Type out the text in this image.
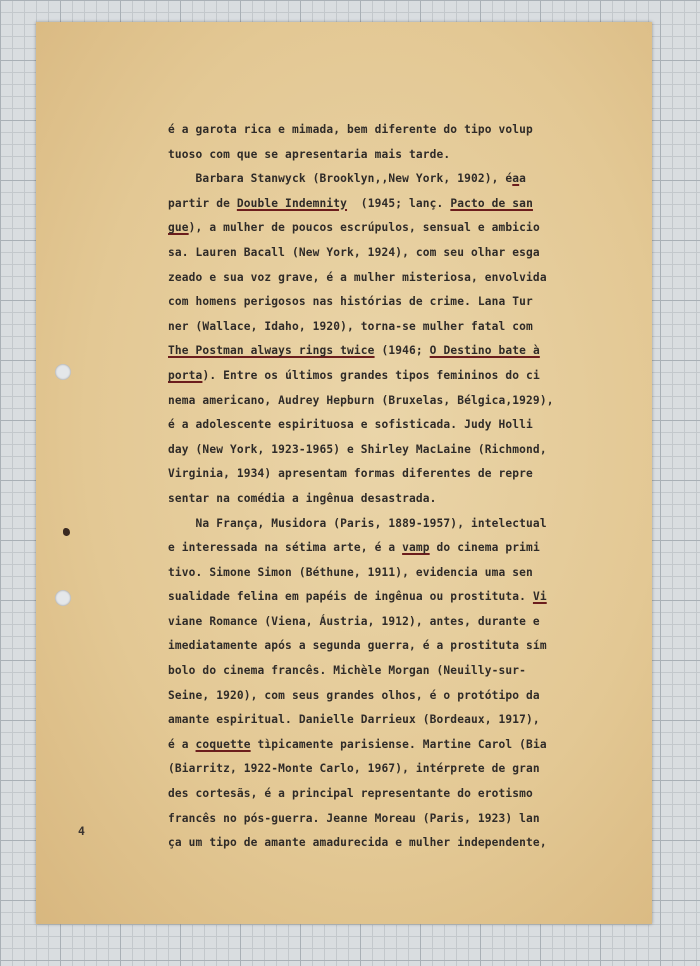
é a garota rica e mimada, bem diferente do tipo volup
tuoso com que se apresentaria mais tarde.
Barbara Stanwyck (Brooklyn,,New York, 1902), éaa
partir de Double Indemnity  (1945; lanç. Pacto de san
gue), a mulher de poucos escrúpulos, sensual e ambicio
sa. Lauren Bacall (New York, 1924), com seu olhar esga
zeado e sua voz grave, é a mulher misteriosa, envolvida
com homens perigosos nas histórias de crime. Lana Tur
ner (Wallace, Idaho, 1920), torna-se mulher fatal com
The Postman always rings twice (1946; O Destino bate à
porta). Entre os últimos grandes tipos femininos do ci
nema americano, Audrey Hepburn (Bruxelas, Bélgica,1929),
é a adolescente espirituosa e sofisticada. Judy Holli
day (New York, 1923-1965) e Shirley MacLaine (Richmond,
Virginia, 1934) apresentam formas diferentes de repre
sentar na comédia a ingênua desastrada.
Na França, Musidora (Paris, 1889-1957), intelectual
e interessada na sétima arte, é a vamp do cinema primi
tivo. Simone Simon (Béthune, 1911), evidencia uma sen
sualidade felina em papéis de ingênua ou prostituta. Vi
viane Romance (Viena, Áustria, 1912), antes, durante e
imediatamente após a segunda guerra, é a prostituta sím
bolo do cinema francês. Michèle Morgan (Neuilly-sur-
Seine, 1920), com seus grandes olhos, é o protótipo da
amante espiritual. Danielle Darrieux (Bordeaux, 1917),
é a coquette tìpicamente parisiense. Martine Carol (Bia
(Biarritz, 1922-Monte Carlo, 1967), intérprete de gran
des cortesãs, é a principal representante do erotismo
francês no pós-guerra. Jeanne Moreau (Paris, 1923) lan
ça um tipo de amante amadurecida e mulher independente,
4
